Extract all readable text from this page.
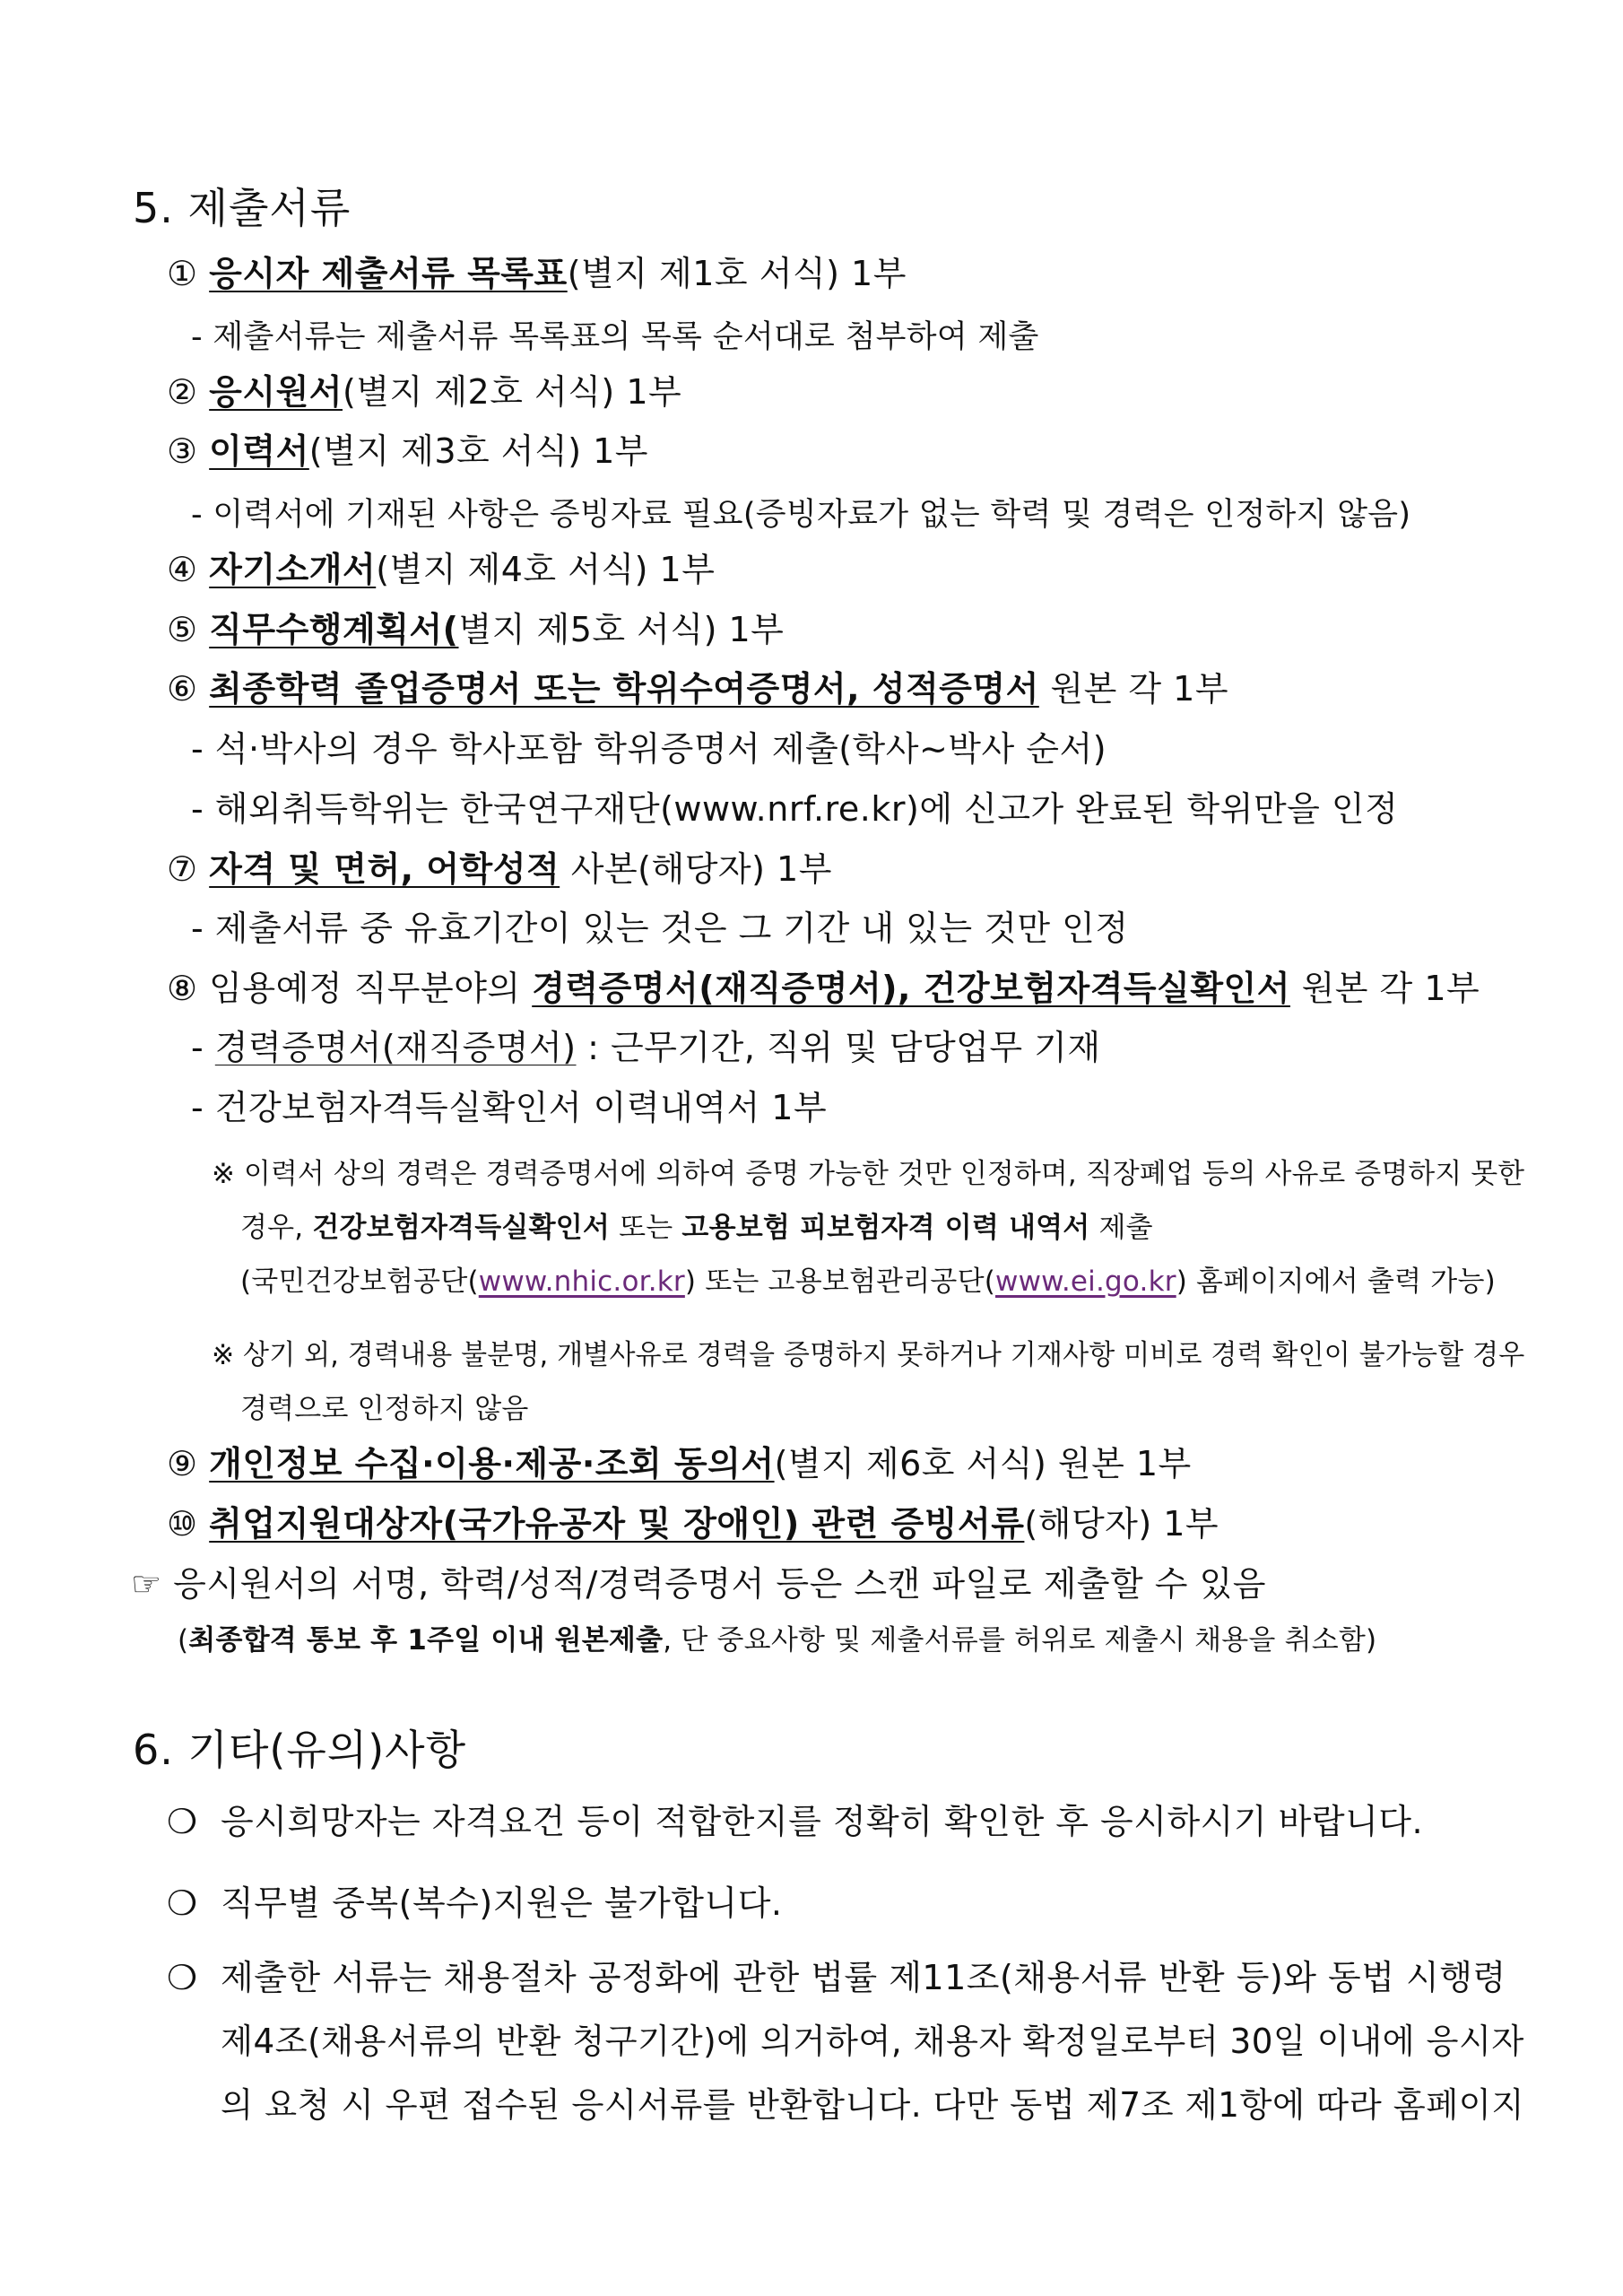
5. 제출서류
① 응시자 제출서류 목록표(별지 제1호 서식) 1부
- 제출서류는 제출서류 목록표의 목록 순서대로 첨부하여 제출
② 응시원서(별지 제2호 서식) 1부
③ 이력서(별지 제3호 서식) 1부
- 이력서에 기재된 사항은 증빙자료 필요(증빙자료가 없는 학력 및 경력은 인정하지 않음)
④ 자기소개서(별지 제4호 서식) 1부
⑤ 직무수행계획서(별지 제5호 서식) 1부
⑥ 최종학력 졸업증명서 또는 학위수여증명서, 성적증명서 원본 각 1부
- 석·박사의 경우 학사포함 학위증명서 제출(학사~박사 순서)
- 해외취득학위는 한국연구재단(www.nrf.re.kr)에 신고가 완료된 학위만을 인정
⑦ 자격 및 면허, 어학성적 사본(해당자) 1부
- 제출서류 중 유효기간이 있는 것은 그 기간 내 있는 것만 인정
⑧ 임용예정 직무분야의 경력증명서(재직증명서), 건강보험자격득실확인서 원본 각 1부
- 경력증명서(재직증명서) : 근무기간, 직위 및 담당업무 기재
- 건강보험자격득실확인서 이력내역서 1부
※ 이력서 상의 경력은 경력증명서에 의하여 증명 가능한 것만 인정하며, 직장폐업 등의 사유로 증명하지 못한
경우, 건강보험자격득실확인서 또는 고용보험 피보험자격 이력 내역서 제출
(국민건강보험공단(www.nhic.or.kr) 또는 고용보험관리공단(www.ei.go.kr) 홈페이지에서 출력 가능)
※ 상기 외, 경력내용 불분명, 개별사유로 경력을 증명하지 못하거나 기재사항 미비로 경력 확인이 불가능할 경우
경력으로 인정하지 않음
⑨ 개인정보 수집·이용·제공·조회 동의서(별지 제6호 서식) 원본 1부
⑩ 취업지원대상자(국가유공자 및 장애인) 관련 증빙서류(해당자) 1부
☞ 응시원서의 서명, 학력/성적/경력증명서 등은 스캔 파일로 제출할 수 있음
(최종합격 통보 후 1주일 이내 원본제출, 단 중요사항 및 제출서류를 허위로 제출시 채용을 취소함)
6. 기타(유의)사항
❍ 응시희망자는 자격요건 등이 적합한지를 정확히 확인한 후 응시하시기 바랍니다.
❍ 직무별 중복(복수)지원은 불가합니다.
❍ 제출한 서류는 채용절차 공정화에 관한 법률 제11조(채용서류 반환 등)와 동법 시행령
제4조(채용서류의 반환 청구기간)에 의거하여, 채용자 확정일로부터 30일 이내에 응시자
의 요청 시 우편 접수된 응시서류를 반환합니다. 다만 동법 제7조 제1항에 따라 홈페이지
